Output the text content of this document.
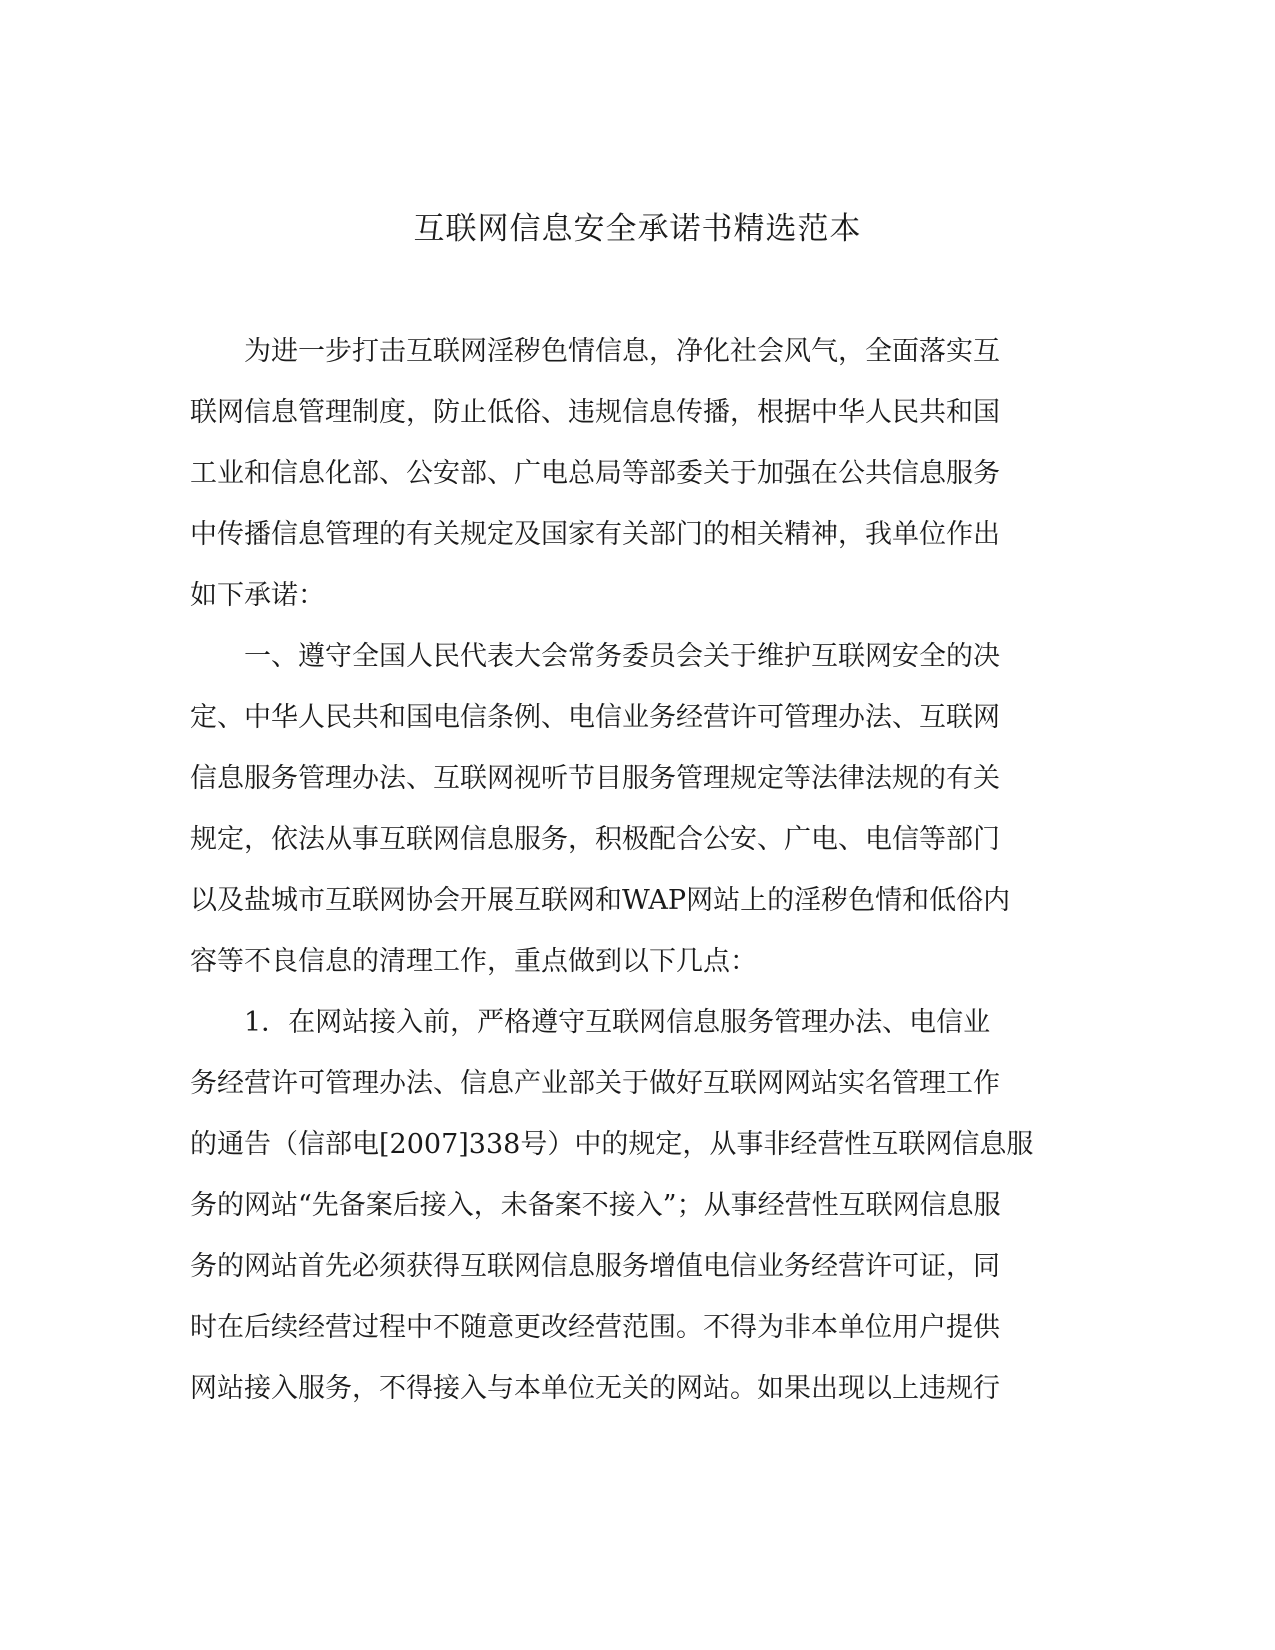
互联网信息安全承诺书精选范本
　　为进一步打击互联网淫秽色情信息，净化社会风气，全面落实互
联网信息管理制度，防止低俗、违规信息传播，根据中华人民共和国
工业和信息化部、公安部、广电总局等部委关于加强在公共信息服务
中传播信息管理的有关规定及国家有关部门的相关精神，我单位作出
如下承诺：
　　一、遵守全国人民代表大会常务委员会关于维护互联网安全的决
定、中华人民共和国电信条例、电信业务经营许可管理办法、互联网
信息服务管理办法、互联网视听节目服务管理规定等法律法规的有关
规定，依法从事互联网信息服务，积极配合公安、广电、电信等部门
以及盐城市互联网协会开展互联网和WAP网站上的淫秽色情和低俗内
容等不良信息的清理工作，重点做到以下几点：
　　1．在网站接入前，严格遵守互联网信息服务管理办法、电信业
务经营许可管理办法、信息产业部关于做好互联网网站实名管理工作
的通告（信部电[2007]338号）中的规定，从事非经营性互联网信息服
务的网站“先备案后接入，未备案不接入”；从事经营性互联网信息服
务的网站首先必须获得互联网信息服务增值电信业务经营许可证，同
时在后续经营过程中不随意更改经营范围。不得为非本单位用户提供
网站接入服务，不得接入与本单位无关的网站。如果出现以上违规行
